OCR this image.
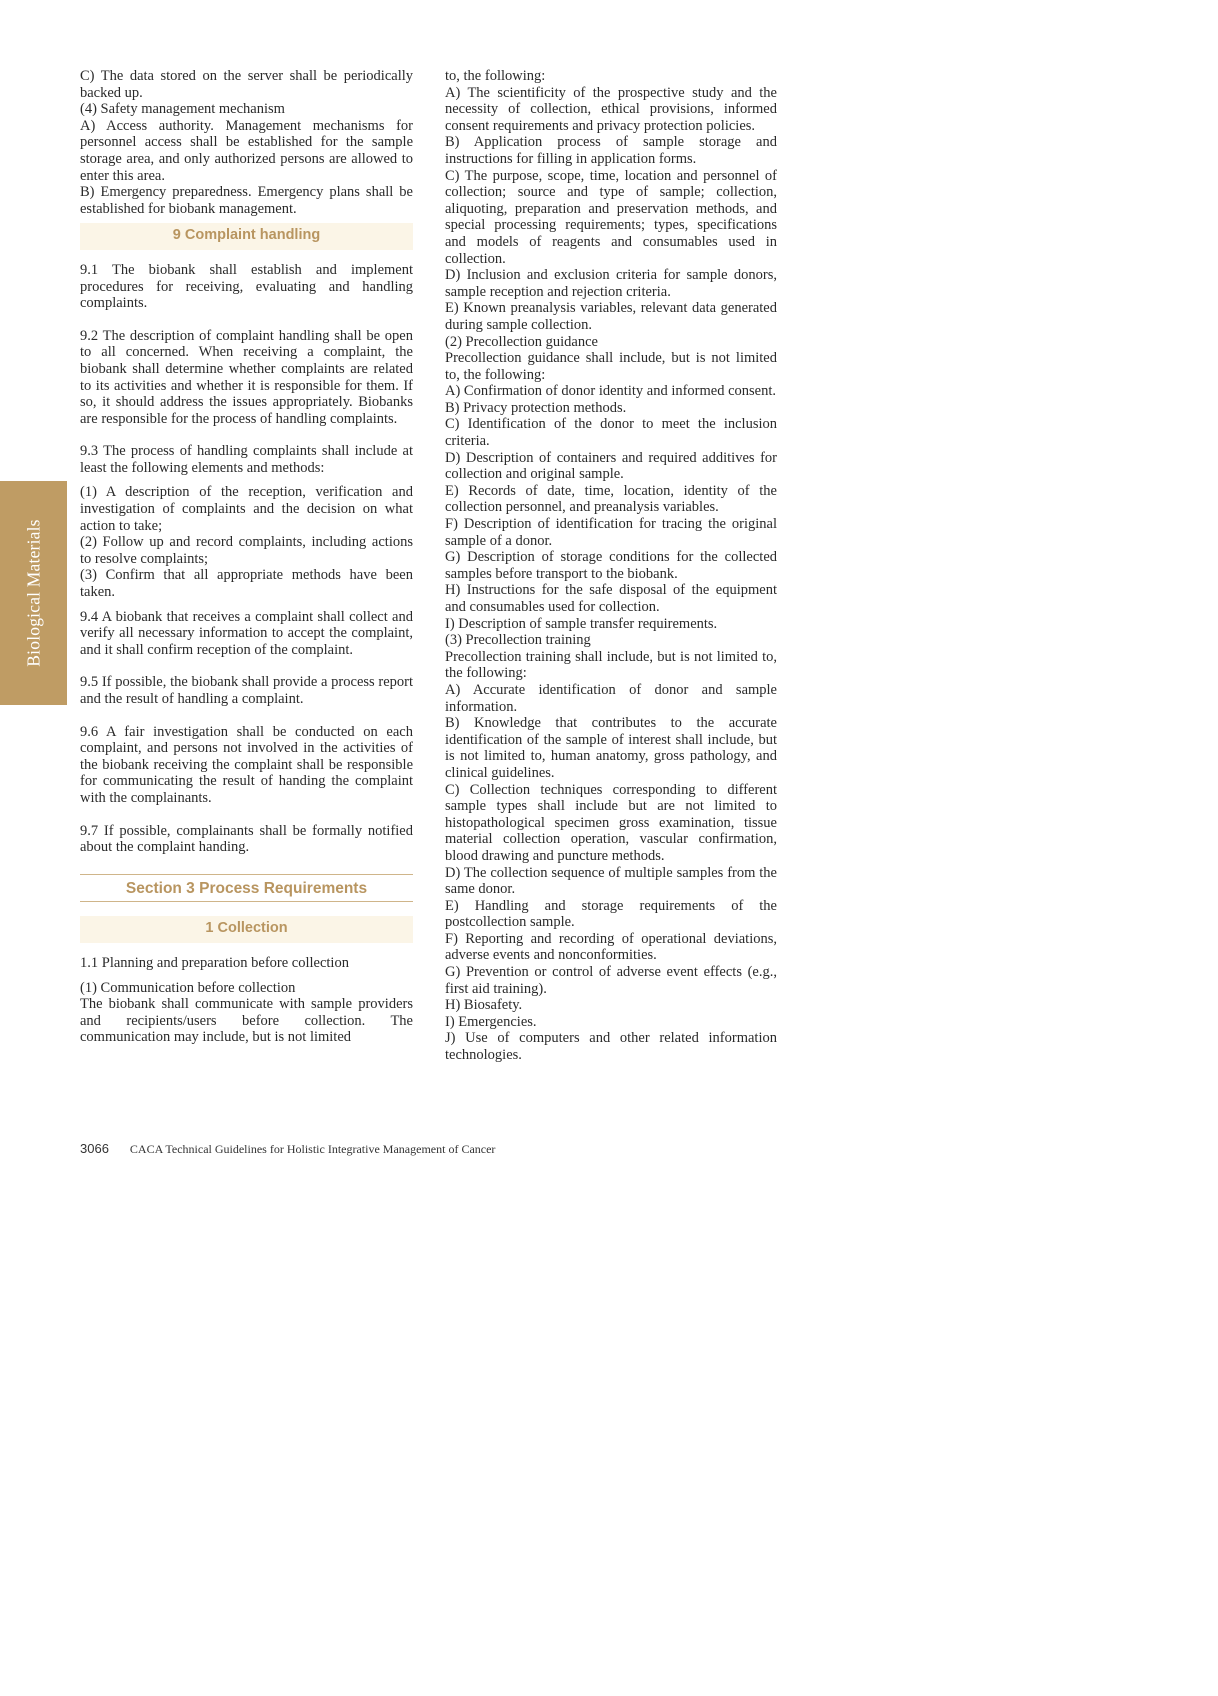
Biological Materials

C) The data stored on the server shall be periodically backed up.

(4) Safety management mechanism

A) Access authority. Management mechanisms for personnel access shall be established for the sample storage area, and only authorized persons are allowed to enter this area.

B) Emergency preparedness. Emergency plans shall be established for biobank management.

9 Complaint handling

9.1 The biobank shall establish and implement procedures for receiving, evaluating and handling complaints.

9.2 The description of complaint handling shall be open to all concerned. When receiving a complaint, the biobank shall determine whether complaints are related to its activities and whether it is responsible for them. If so, it should address the issues appropriately. Biobanks are responsible for the process of handling complaints.

9.3 The process of handling complaints shall include at least the following elements and methods:

(1) A description of the reception, verification and investigation of complaints and the decision on what action to take;

(2) Follow up and record complaints, including actions to resolve complaints;

(3) Confirm that all appropriate methods have been taken.

9.4 A biobank that receives a complaint shall collect and verify all necessary information to accept the complaint, and it shall confirm reception of the complaint.

9.5 If possible, the biobank shall provide a process report and the result of handling a complaint.

9.6 A fair investigation shall be conducted on each complaint, and persons not involved in the activities of the biobank receiving the complaint shall be responsible for communicating the result of handing the complaint with the complainants.

9.7 If possible, complainants shall be formally notified about the complaint handing.

Section 3 Process Requirements
1 Collection

1.1 Planning and preparation before collection

(1) Communication before collection

The biobank shall communicate with sample providers and recipients/users before collection. The communication may include, but is not limited

to, the following:

A) The scientificity of the prospective study and the necessity of collection, ethical provisions, informed consent requirements and privacy protection policies.

B) Application process of sample storage and instructions for filling in application forms.

C) The purpose, scope, time, location and personnel of collection; source and type of sample; collection, aliquoting, preparation and preservation methods, and special processing requirements; types, specifications and models of reagents and consumables used in collection.

D) Inclusion and exclusion criteria for sample donors, sample reception and rejection criteria.

E) Known preanalysis variables, relevant data generated during sample collection.

(2) Precollection guidance

Precollection guidance shall include, but is not limited to, the following:

A) Confirmation of donor identity and informed consent.

B) Privacy protection methods.

C) Identification of the donor to meet the inclusion criteria.

D) Description of containers and required additives for collection and original sample.

E) Records of date, time, location, identity of the collection personnel, and preanalysis variables.

F) Description of identification for tracing the original sample of a donor.

G) Description of storage conditions for the collected samples before transport to the biobank.

H) Instructions for the safe disposal of the equipment and consumables used for collection.

I) Description of sample transfer requirements.

(3) Precollection training

Precollection training shall include, but is not limited to, the following:

A) Accurate identification of donor and sample information.

B) Knowledge that contributes to the accurate identification of the sample of interest shall include, but is not limited to, human anatomy, gross pathology, and clinical guidelines.

C) Collection techniques corresponding to different sample types shall include but are not limited to histopathological specimen gross examination, tissue material collection operation, vascular confirmation, blood drawing and puncture methods.

D) The collection sequence of multiple samples from the same donor.

E) Handling and storage requirements of the postcollection sample.

F) Reporting and recording of operational deviations, adverse events and nonconformities.

G) Prevention or control of adverse event effects (e.g., first aid training).

H) Biosafety.

I) Emergencies.

J) Use of computers and other related information technologies.

3066 CACA Technical Guidelines for Holistic Integrative Management of Cancer
